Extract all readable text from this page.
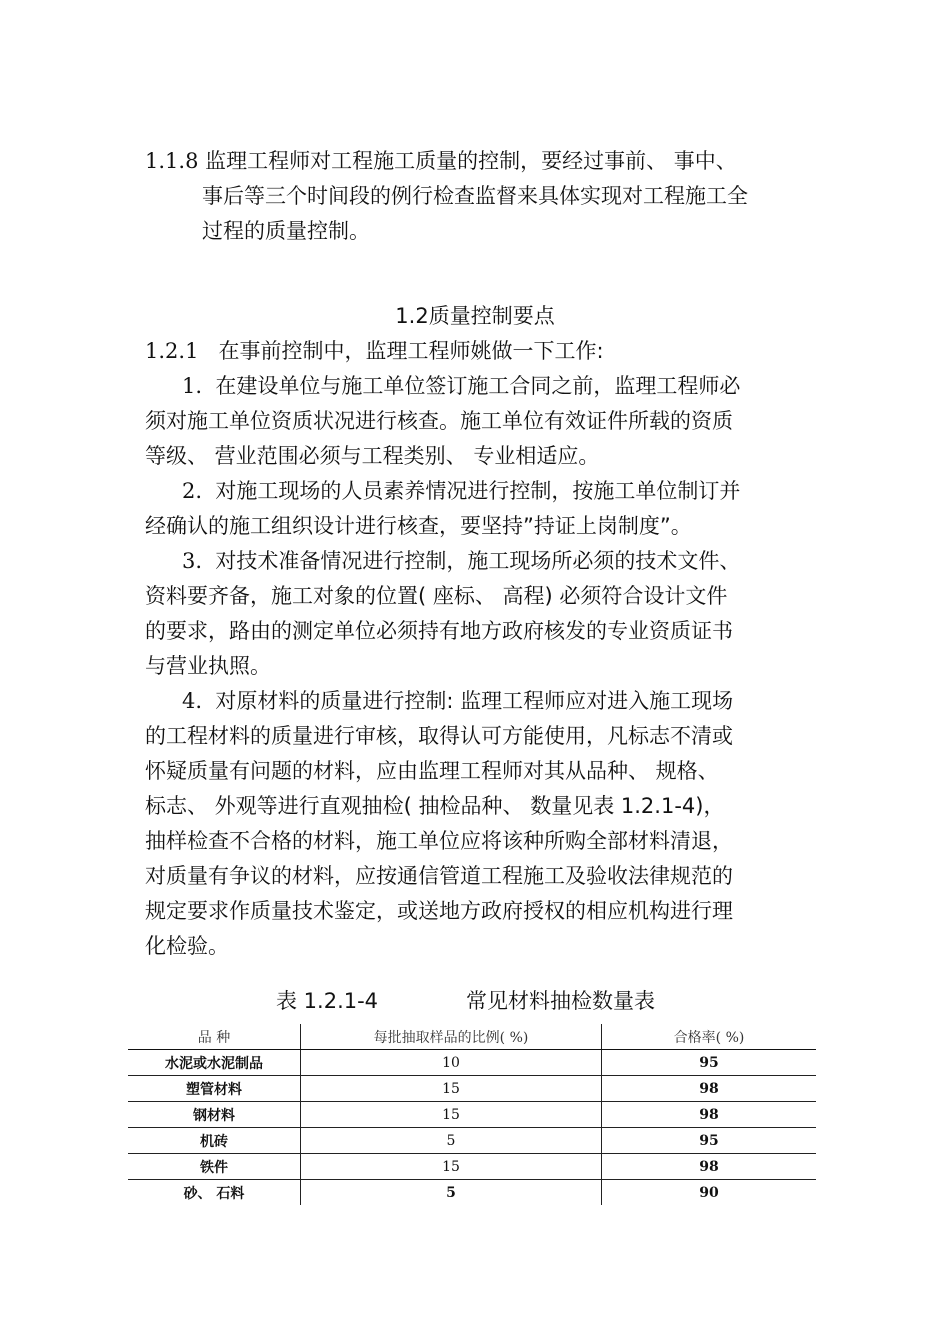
1.1.8 监理工程师对工程施工质量的控制，要经过事前、 事中、
事后等三个时间段的例行检查监督来具体实现对工程施工全
过程的质量控制。
1.2质量控制要点
1.2.1 在事前控制中，监理工程师姚做一下工作:
1. 在建设单位与施工单位签订施工合同之前，监理工程师必
须对施工单位资质状况进行核查。施工单位有效证件所载的资质
等级、 营业范围必须与工程类别、 专业相适应。
2. 对施工现场的人员素养情况进行控制，按施工单位制订并
经确认的施工组织设计进行核查，要坚持”持证上岗制度”。
3. 对技术准备情况进行控制，施工现场所必须的技术文件、
资料要齐备，施工对象的位置( 座标、 高程) 必须符合设计文件
的要求，路由的测定单位必须持有地方政府核发的专业资质证书
与营业执照。
4. 对原材料的质量进行控制: 监理工程师应对进入施工现场
的工程材料的质量进行审核，取得认可方能使用，凡标志不清或
怀疑质量有问题的材料，应由监理工程师对其从品种、 规格、
标志、 外观等进行直观抽检( 抽检品种、 数量见表 1.2.1-4)，
抽样检查不合格的材料，施工单位应将该种所购全部材料清退，
对质量有争议的材料，应按通信管道工程施工及验收法律规范的
规定要求作质量技术鉴定，或送地方政府授权的相应机构进行理
化检验。
表 1.2.1-4	常见材料抽检数量表
品 种	每批抽取样品的比例( %)	合格率( %)
水泥或水泥制品	10	95
塑管材料	15	98
钢材料	15	98
机砖	5	95
铁件	15	98
砂、 石料	5	90
